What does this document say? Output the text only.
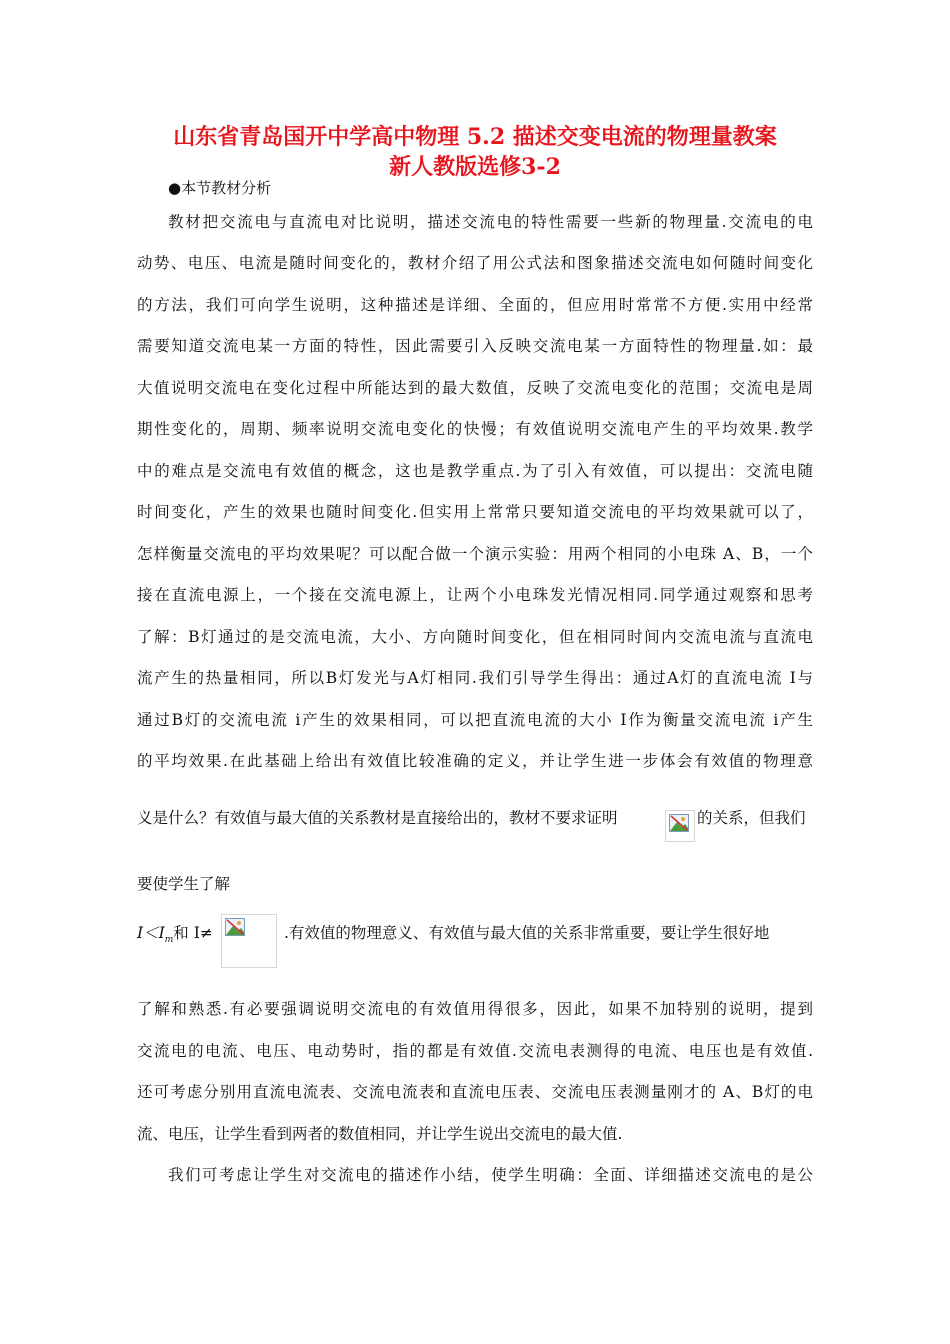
山东省青岛国开中学高中物理 5.2 描述交变电流的物理量教案
新人教版选修3-2
●本节教材分析
教材把交流电与直流电对比说明，描述交流电的特性需要一些新的物理量.交流电的电
动势、电压、电流是随时间变化的，教材介绍了用公式法和图象描述交流电如何随时间变化
的方法，我们可向学生说明，这种描述是详细、全面的，但应用时常常不方便.实用中经常
需要知道交流电某一方面的特性，因此需要引入反映交流电某一方面特性的物理量.如：最
大值说明交流电在变化过程中所能达到的最大数值，反映了交流电变化的范围；交流电是周
期性变化的，周期、频率说明交流电变化的快慢；有效值说明交流电产生的平均效果.教学
中的难点是交流电有效值的概念，这也是教学重点.为了引入有效值，可以提出：交流电随
时间变化，产生的效果也随时间变化.但实用上常常只要知道交流电的平均效果就可以了，
怎样衡量交流电的平均效果呢？可以配合做一个演示实验：用两个相同的小电珠 A、B，一个
接在直流电源上，一个接在交流电源上，让两个小电珠发光情况相同.同学通过观察和思考
了解：B灯通过的是交流电流，大小、方向随时间变化，但在相同时间内交流电流与直流电
流产生的热量相同，所以B灯发光与A灯相同.我们引导学生得出：通过A灯的直流电流 I与
通过B灯的交流电流 i产生的效果相同，可以把直流电流的大小 I作为衡量交流电流 i产生
的平均效果.在此基础上给出有效值比较准确的定义，并让学生进一步体会有效值的物理意
义是什么？有效值与最大值的关系教材是直接给出的，教材不要求证明	的关系，但我们
要使学生了解
$I<I_m$和 I≠	.有效值的物理意义、有效值与最大值的关系非常重要，要让学生很好地
了解和熟悉.有必要强调说明交流电的有效值用得很多，因此，如果不加特别的说明，提到
交流电的电流、电压、电动势时，指的都是有效值.交流电表测得的电流、电压也是有效值.
还可考虑分别用直流电流表、交流电流表和直流电压表、交流电压表测量刚才的 A、B灯的电
流、电压，让学生看到两者的数值相同，并让学生说出交流电的最大值.
我们可考虑让学生对交流电的描述作小结，使学生明确：全面、详细描述交流电的是公
